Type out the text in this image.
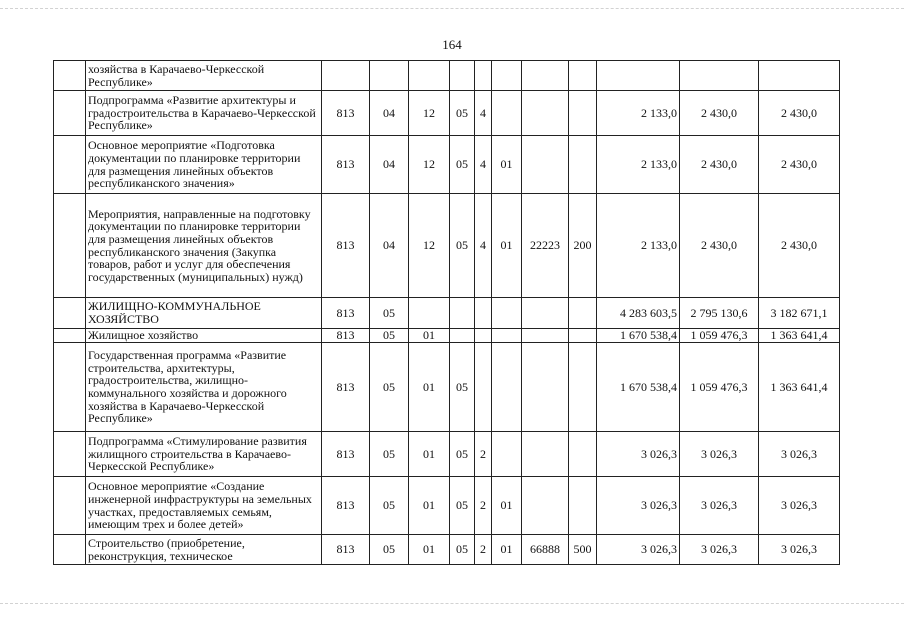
164
	хозяйства в Карачаево-Черкесской Республике»											
	Подпрограмма «Развитие архитектуры и градостроительства в Карачаево-Черкесской Республике»	813	04	12	05	4				2 133,0	2 430,0	2 430,0
	Основное мероприятие «Подготовка документации по планировке территории для размещения линейных объектов республиканского значения»	813	04	12	05	4	01			2 133,0	2 430,0	2 430,0
	Мероприятия, направленные на подготовку документации по планировке территории для размещения линейных объектов республиканского значения (Закупка товаров, работ и услуг для обеспечения государственных (муниципальных) нужд)	813	04	12	05	4	01	22223	200	2 133,0	2 430,0	2 430,0
	ЖИЛИЩНО-КОММУНАЛЬНОЕ ХОЗЯЙСТВО	813	05							4 283 603,5	2 795 130,6	3 182 671,1
	Жилищное хозяйство	813	05	01						1 670 538,4	1 059 476,3	1 363 641,4
	Государственная программа «Развитие строительства, архитектуры, градостроительства, жилищно-коммунального хозяйства и дорожного хозяйства в Карачаево-Черкесской Республике»	813	05	01	05					1 670 538,4	1 059 476,3	1 363 641,4
	Подпрограмма «Стимулирование развития жилищного строительства в Карачаево-Черкесской Республике»	813	05	01	05	2				3 026,3	3 026,3	3 026,3
	Основное мероприятие «Создание инженерной инфраструктуры на земельных участках, предоставляемых семьям, имеющим трех и более детей»	813	05	01	05	2	01			3 026,3	3 026,3	3 026,3
	Строительство (приобретение, реконструкция, техническое	813	05	01	05	2	01	66888	500	3 026,3	3 026,3	3 026,3
